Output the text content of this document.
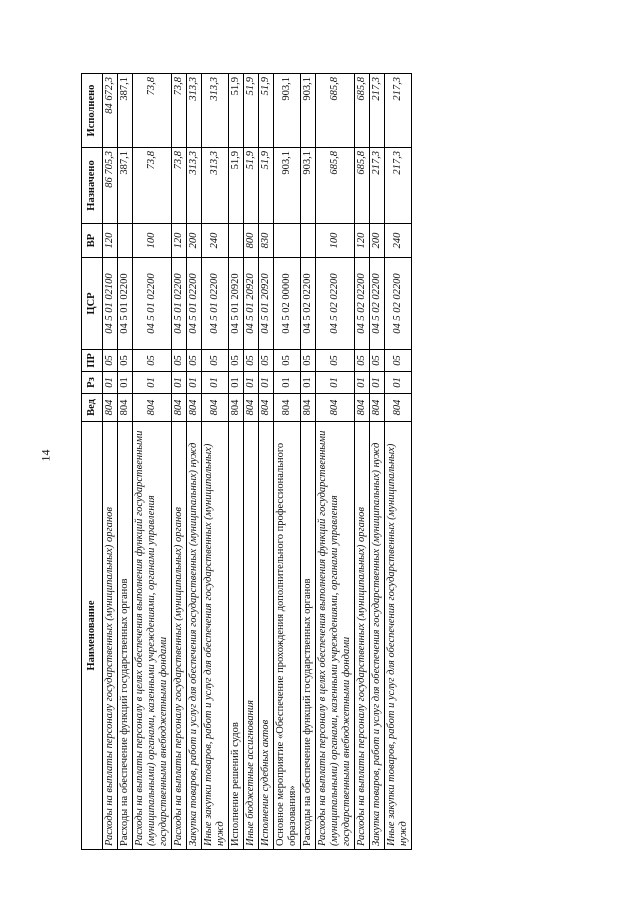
14
Наименование	Вед	Рз	ПР	ЦСР	ВР	Назначено	Исполнено
Расходы на выплаты персоналу государственных (муниципальных) органов	804	01	05	04 5 01 02100	120	86 705,3	84 672,3
Расходы на обеспечение функций государственных органов	804	01	05	04 5 01 02200		387,1	387,1
Расходы на выплаты персоналу в целях обеспечения выполнения функций государственными (муниципальными) органами, казенными учреждениями, органами управления государственными внебюджетными фондами	804	01	05	04 5 01 02200	100	73,8	73,8
Расходы на выплаты персоналу государственных (муниципальных) органов	804	01	05	04 5 01 02200	120	73,8	73,8
Закупка товаров, работ и услуг для обеспечения государственных (муниципальных) нужд	804	01	05	04 5 01 02200	200	313,3	313,3
Иные закупки товаров, работ и услуг для обеспечения государственных (муниципальных) нужд	804	01	05	04 5 01 02200	240	313,3	313,3
Исполнение решений судов	804	01	05	04 5 01 20920		51,9	51,9
Иные бюджетные ассигнования	804	01	05	04 5 01 20920	800	51,9	51,9
Исполнение судебных актов	804	01	05	04 5 01 20920	830	51,9	51,9
Основное мероприятие «Обеспечение прохождения дополнительного профессионального образования»	804	01	05	04 5 02 00000		903,1	903,1
Расходы на обеспечение функций государственных органов	804	01	05	04 5 02 02200		903,1	903,1
Расходы на выплаты персоналу в целях обеспечения выполнения функций государственными (муниципальными) органами, казенными учреждениями, органами управления государственными внебюджетными фондами	804	01	05	04 5 02 02200	100	685,8	685,8
Расходы на выплаты персоналу государственных (муниципальных) органов	804	01	05	04 5 02 02200	120	685,8	685,8
Закупка товаров, работ и услуг для обеспечения государственных (муниципальных) нужд	804	01	05	04 5 02 02200	200	217,3	217,3
Иные закупки товаров, работ и услуг для обеспечения государственных (муниципальных) нужд	804	01	05	04 5 02 02200	240	217,3	217,3
